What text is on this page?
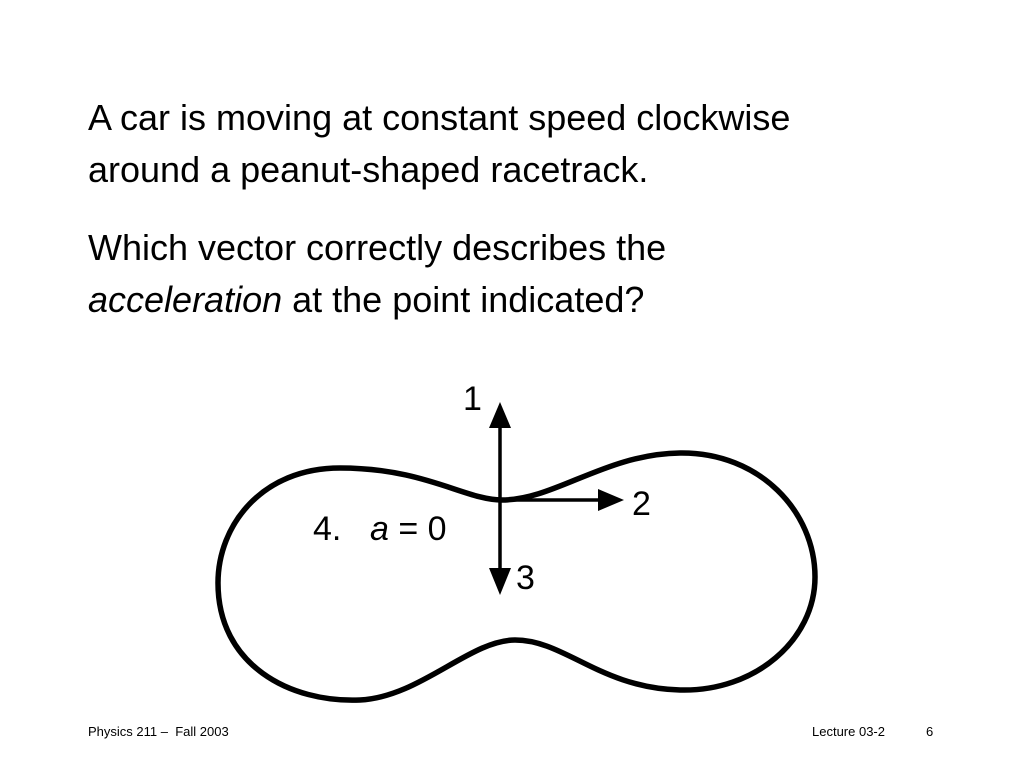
A car is moving at constant speed clockwise
around a peanut-shaped racetrack.
Which vector correctly describes the
acceleration at the point indicated?
1
2
3
4. a = 0
Physics 211 –  Fall 2003	Lecture 03-2	6
